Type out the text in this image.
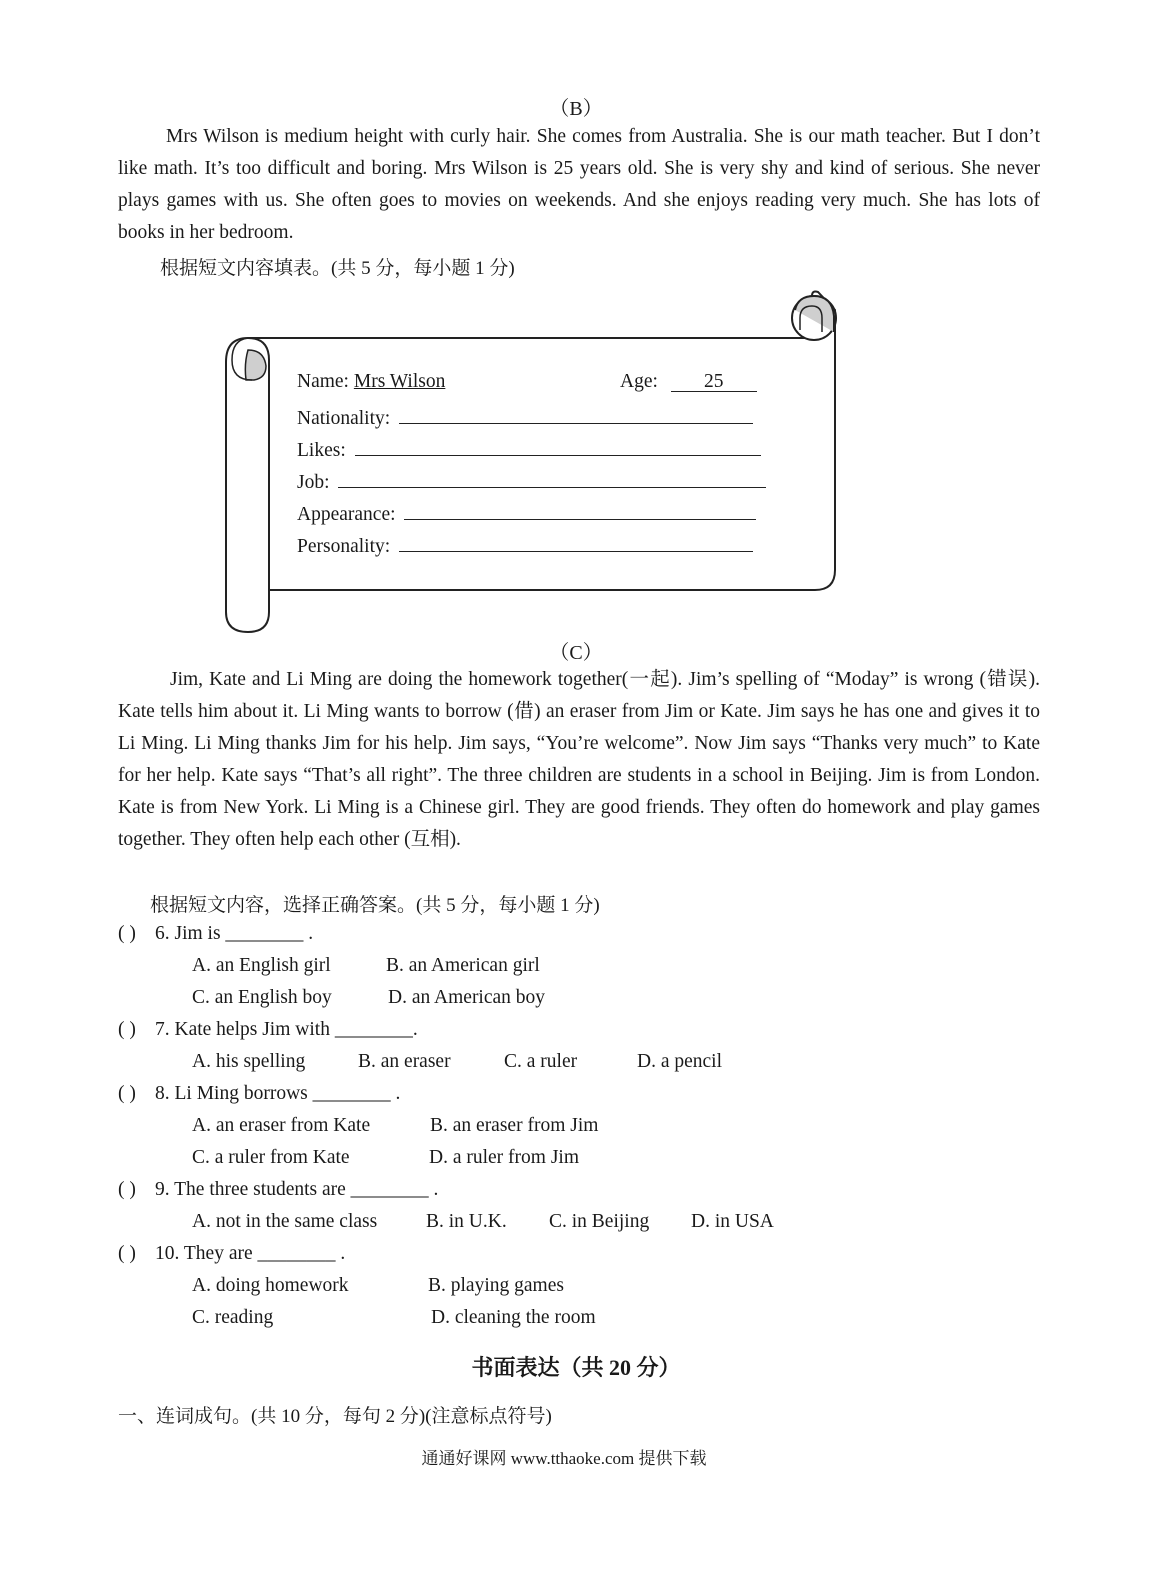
（B）

Mrs Wilson is medium height with curly hair. She comes from Australia. She is our math teacher. But I don’t like math. It’s too difficult and boring. Mrs Wilson is 25 years old. She is very shy and kind of serious. She never plays games with us. She often goes to movies on weekends. And she enjoys reading very much. She has lots of books in her bedroom.

根据短文内容填表。(共 5 分，每小题 1 分)
Name: Mrs Wilson	Age: 25
Nationality:
Likes:
Job:
Appearance:
Personality:
（C）

Jim, Kate and Li Ming are doing the homework together(一起). Jim’s spelling of “Moday” is wrong (错误). Kate tells him about it. Li Ming wants to borrow (借) an eraser from Jim or Kate. Jim says he has one and gives it to Li Ming. Li Ming thanks Jim for his help. Jim says, “You’re welcome”. Now Jim says “Thanks very much” to Kate for her help. Kate says “That’s all right”. The three children are students in a school in Beijing. Jim is from London. Kate is from New York. Li Ming is a Chinese girl. They are good friends. They often do homework and play games together. They often help each other (互相).

根据短文内容，选择正确答案。(共 5 分，每小题 1 分)
( ) 6. Jim is ________ .
A. an English girl	B. an American girl
C. an English boy	D. an American boy
( ) 7. Kate helps Jim with ________.
A. his spelling	B. an eraser	C. a ruler	D. a pencil
( ) 8. Li Ming borrows ________ .
A. an eraser from Kate	B. an eraser from Jim
C. a ruler from Kate	D. a ruler from Jim
( ) 9. The three students are ________ .
A. not in the same class	B. in U.K. C. in Beijing D. in USA
( ) 10. They are ________ .
A. doing homework	B. playing games
C. reading	D. cleaning the room
书面表达（共 20 分）
一、连词成句。(共 10 分，每句 2 分)(注意标点符号)
通通好课网 www.tthaoke.com 提供下载
